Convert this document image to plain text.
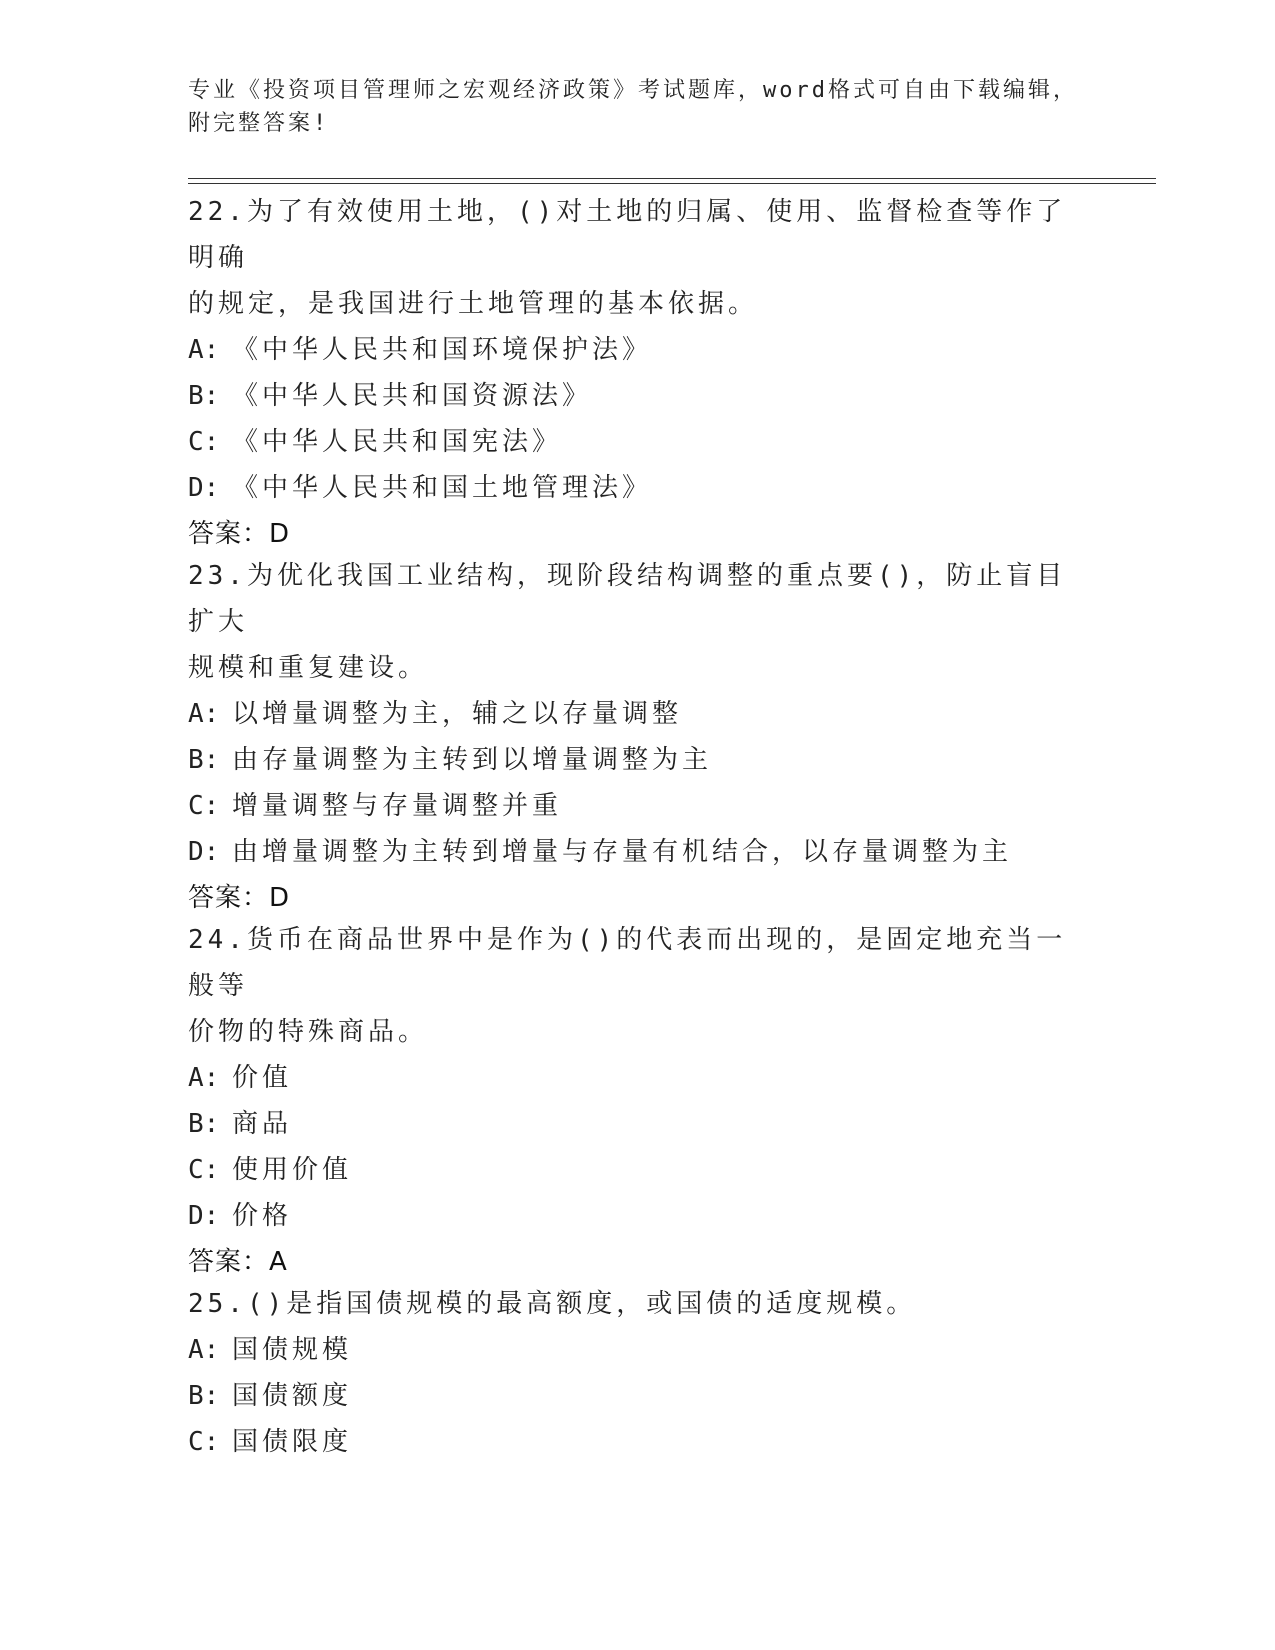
专业《投资项目管理师之宏观经济政策》考试题库，word格式可自由下载编辑，
附完整答案!

22.为了有效使用土地，()对土地的归属、使用、监督检查等作了明确

的规定，是我国进行土地管理的基本依据。

A: 《中华人民共和国环境保护法》

B: 《中华人民共和国资源法》

C: 《中华人民共和国宪法》

D: 《中华人民共和国土地管理法》

答案：D

23.为优化我国工业结构，现阶段结构调整的重点要()，防止盲目扩大

规模和重复建设。

A: 以增量调整为主，辅之以存量调整

B: 由存量调整为主转到以增量调整为主

C: 增量调整与存量调整并重

D: 由增量调整为主转到增量与存量有机结合，以存量调整为主

答案：D

24.货币在商品世界中是作为()的代表而出现的，是固定地充当一般等

价物的特殊商品。

A: 价值

B: 商品

C: 使用价值

D: 价格

答案：A

25.()是指国债规模的最高额度，或国债的适度规模。

A: 国债规模

B: 国债额度

C: 国债限度
